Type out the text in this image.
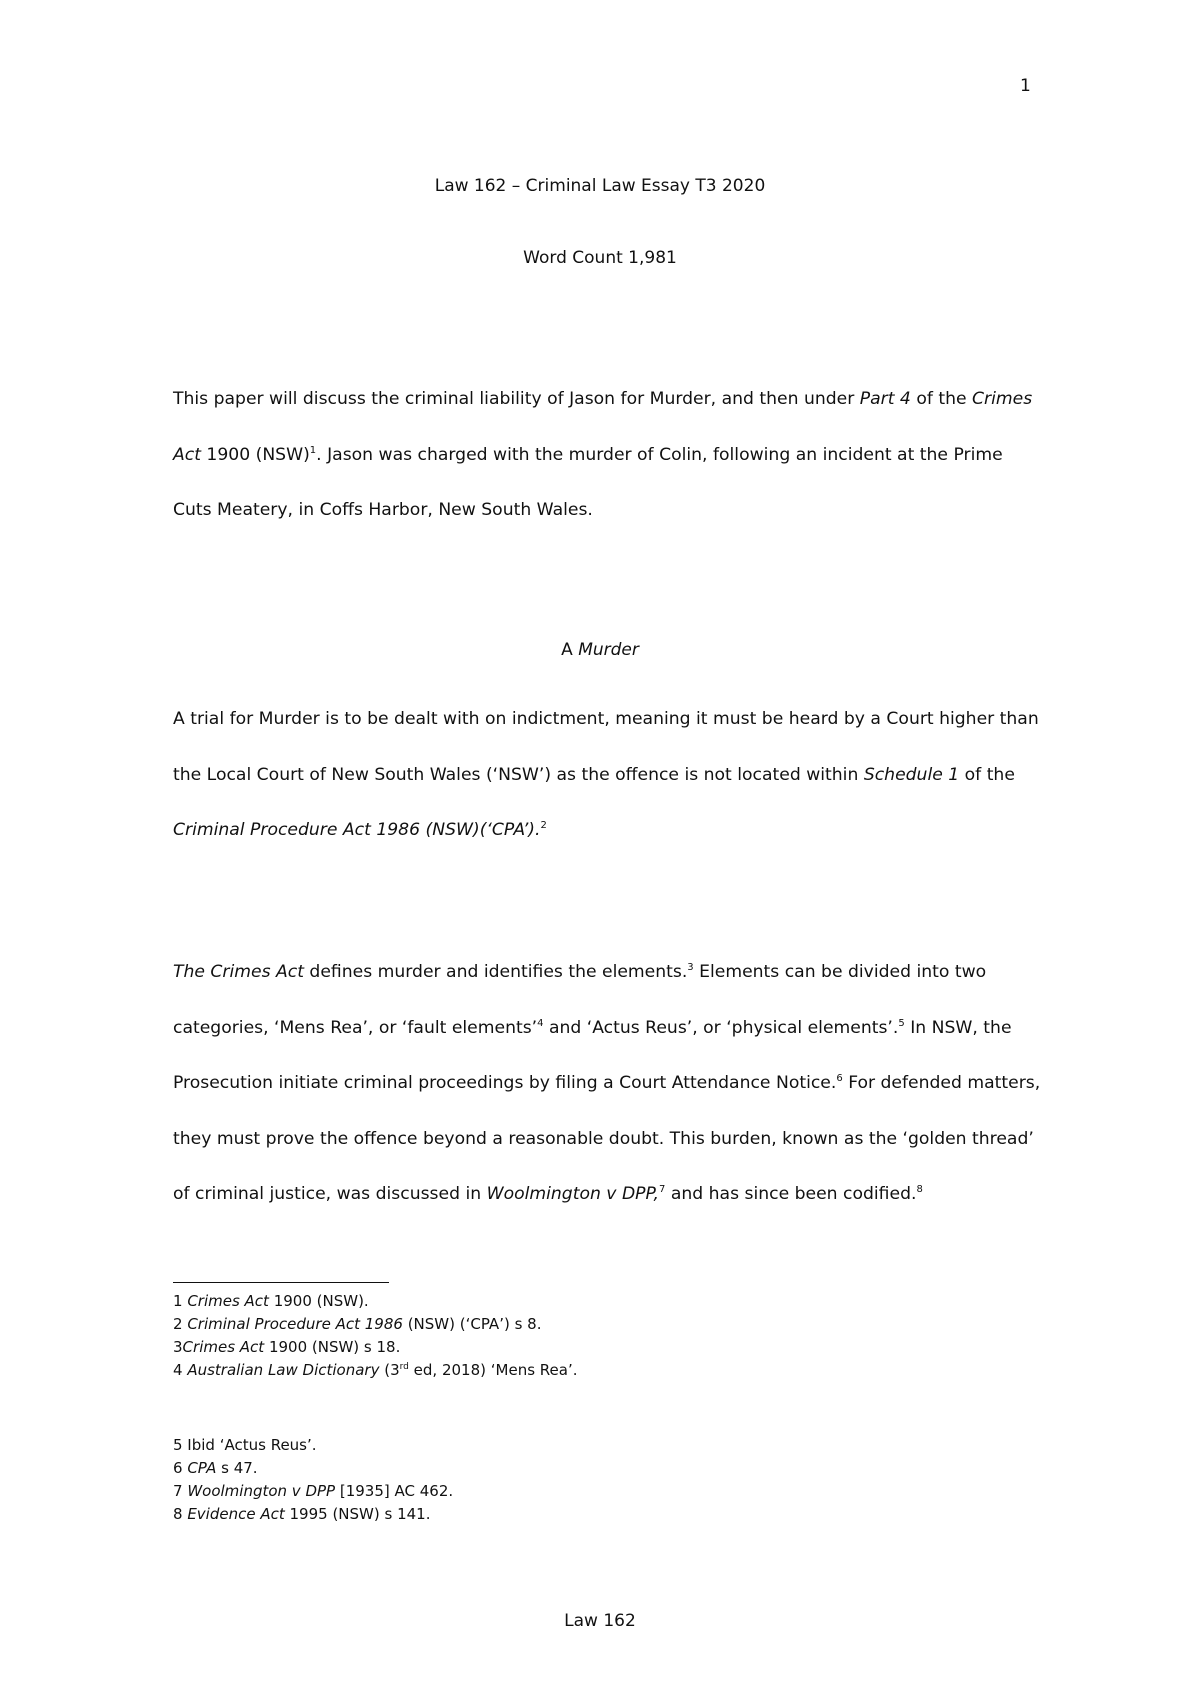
1
Law 162 – Criminal Law Essay T3 2020
Word Count 1,981

This paper will discuss the criminal liability of Jason for Murder, and then under Part 4 of the Crimes Act 1900 (NSW)$^1$. Jason was charged with the murder of Colin, following an incident at the Prime Cuts Meatery, in Coffs Harbor, New South Wales.

A Murder

A trial for Murder is to be dealt with on indictment, meaning it must be heard by a Court higher than the Local Court of New South Wales (‘NSW’) as the offence is not located within Schedule 1 of the Criminal Procedure Act 1986 (NSW)(‘CPA’).$^2$

The Crimes Act defines murder and identifies the elements.$^3$ Elements can be divided into two categories, ‘Mens Rea’, or ‘fault elements’$^4$ and ‘Actus Reus’, or ‘physical elements’.$^5$ In NSW, the Prosecution initiate criminal proceedings by filing a Court Attendance Notice.$^6$ For defended matters, they must prove the offence beyond a reasonable doubt. This burden, known as the ‘golden thread’ of criminal justice, was discussed in Woolmington v DPP,$^7$ and has since been codified.$^8$

1 Crimes Act 1900 (NSW).
2 Criminal Procedure Act 1986 (NSW) (‘CPA’) s 8.
3Crimes Act 1900 (NSW) s 18.
4 Australian Law Dictionary (3rd ed, 2018) ‘Mens Rea’.
5 Ibid ‘Actus Reus’.
6 CPA s 47.
7 Woolmington v DPP [1935] AC 462.
8 Evidence Act 1995 (NSW) s 141.
Law 162
